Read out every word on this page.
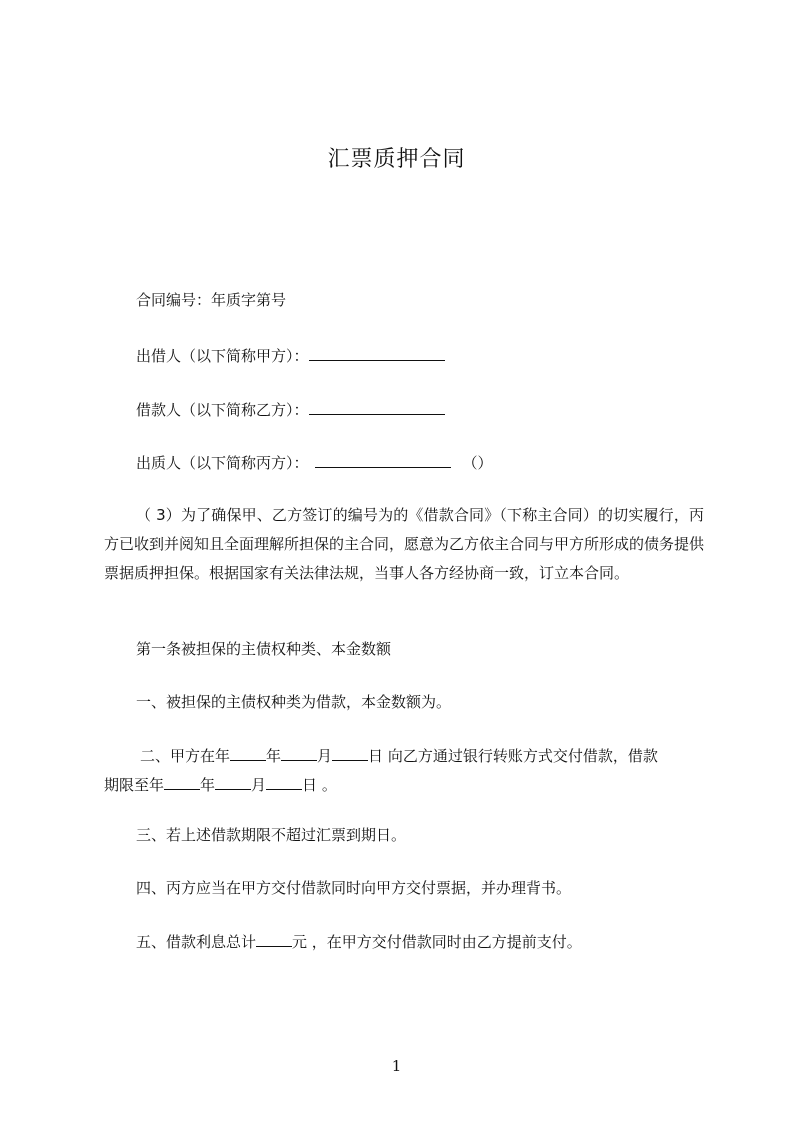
汇票质押合同
合同编号：年质字第号
出借人（以下简称甲方）：
借款人（以下简称乙方）：
出质人（以下简称丙方）：	（）
（ 3）为了确保甲、乙方签订的编号为的《借款合同》（下称主合同）的切实履行，丙方已收到并阅知且全面理解所担保的主合同，愿意为乙方依主合同与甲方所形成的债务提供票据质押担保。根据国家有关法律法规，当事人各方经协商一致，订立本合同。
第一条被担保的主债权种类、本金数额
一、被担保的主债权种类为借款，本金数额为。
二、甲方在年 年 月 日 向乙方通过银行转账方式交付借款，借款
期限至年 年 月 日 。
三、若上述借款期限不超过汇票到期日。
四、丙方应当在甲方交付借款同时向甲方交付票据，并办理背书。
五、借款利息总计 元 ，在甲方交付借款同时由乙方提前支付。
1
